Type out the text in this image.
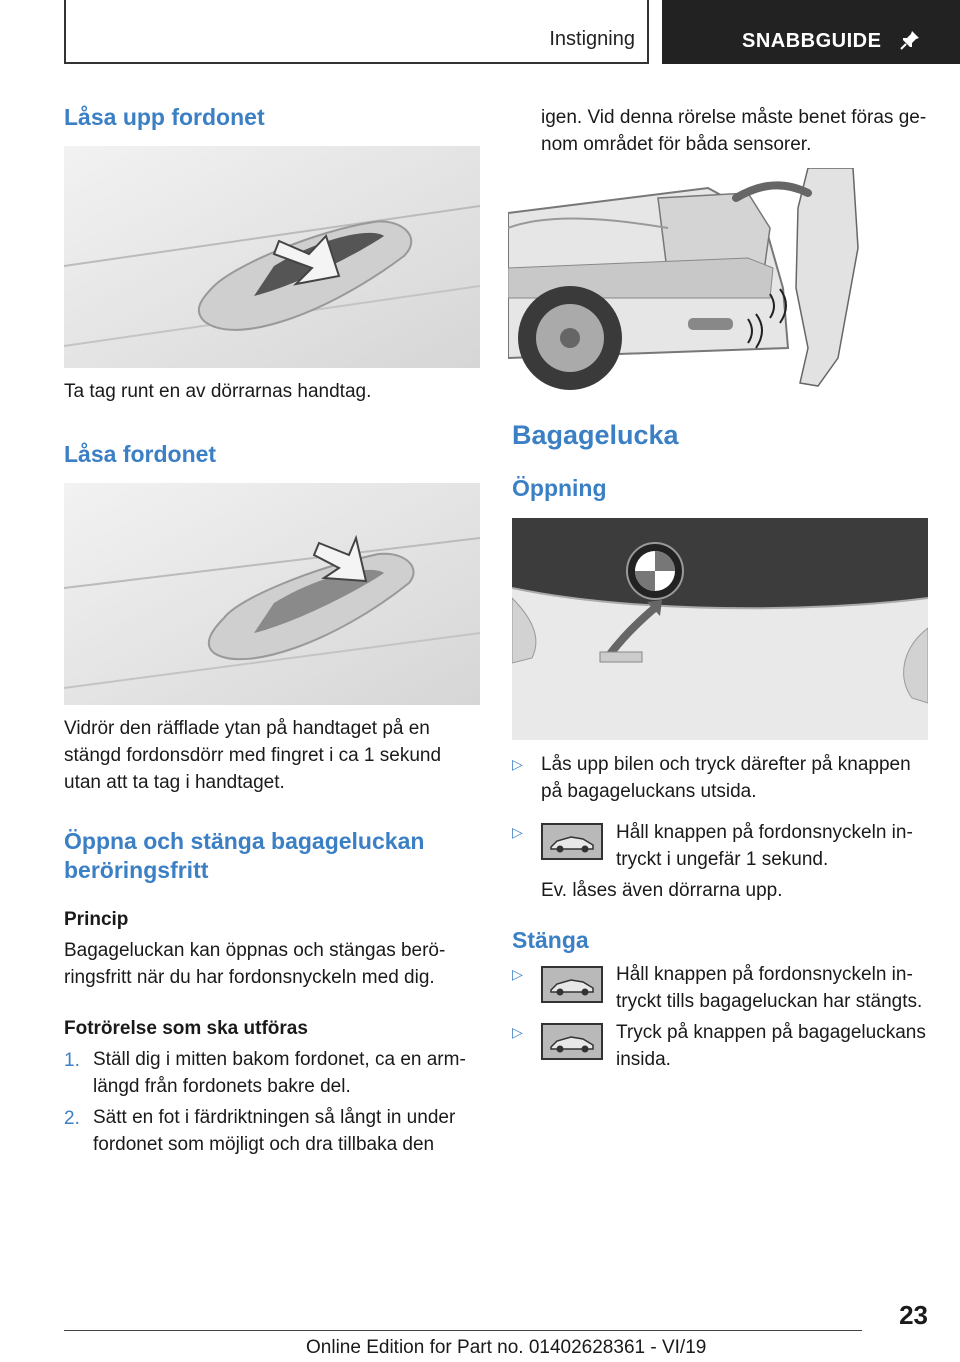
Instigning	SNABBGUIDE
Låsa upp fordonet

Ta tag runt en av dörrarnas handtag.

Låsa fordonet

Vidrör den räfflade ytan på handtaget på en

stängd fordonsdörr med fingret i ca 1 sekund

utan att ta tag i handtaget.

Öppna och stänga bagageluckan
beröringsfritt

Princip

Bagageluckan kan öppnas och stängas berö-

ringsfritt när du har fordonsnyckeln med dig.

Fotrörelse som ska utföras

1. Ställ dig i mitten bakom fordonet, ca en arm-

längd från fordonets bakre del.

2. Sätt en fot i färdriktningen så långt in under

fordonet som möjligt och dra tillbaka den

igen. Vid denna rörelse måste benet föras ge-

nom området för båda sensorer.

Bagagelucka
Öppning
▷ Lås upp bilen och tryck därefter på knappen

på bagageluckans utsida.

▷	Håll knappen på fordonsnyckeln in-

tryckt i ungefär 1 sekund.

Ev. låses även dörrarna upp.

Stänga
▷	Håll knappen på fordonsnyckeln in-

tryckt tills bagageluckan har stängts.

▷	Tryck på knappen på bagageluckans

insida.

23
Online Edition for Part no. 01402628361 - VI/19
